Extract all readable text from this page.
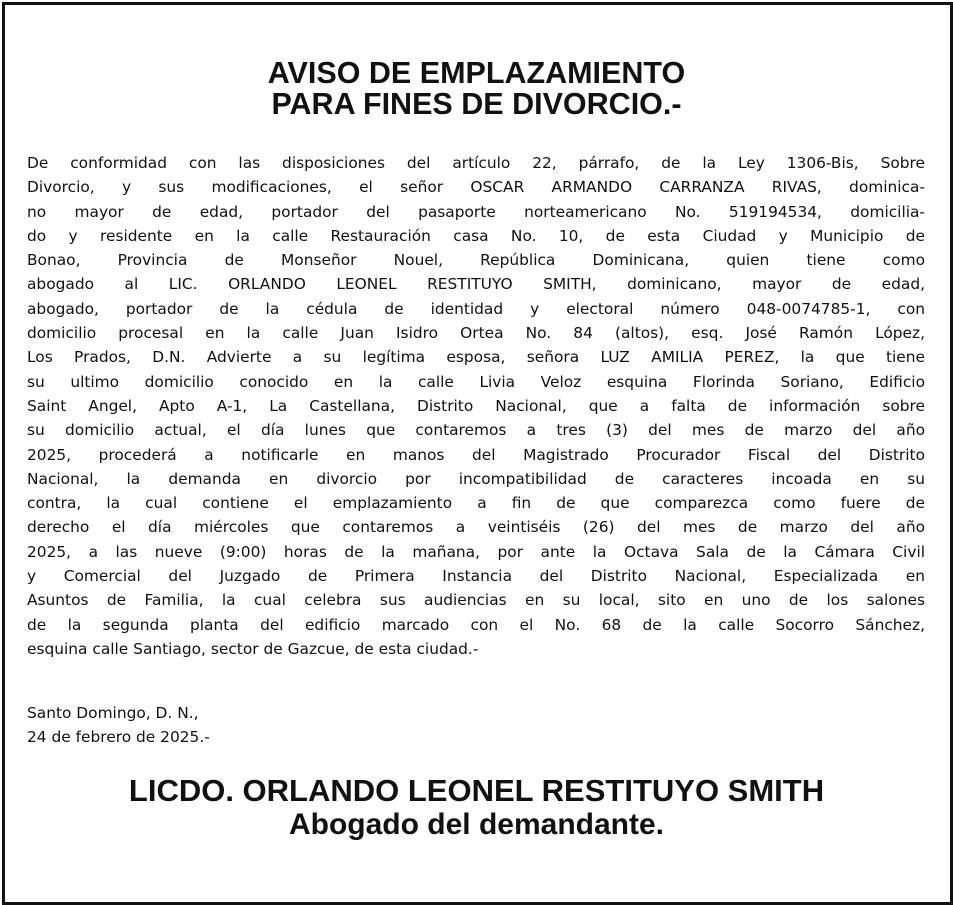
AVISO DE EMPLAZAMIENTO
PARA FINES DE DIVORCIO.-
De conformidad con las disposiciones del artículo 22, párrafo, de la Ley 1306-Bis, Sobre
Divorcio, y sus modificaciones, el señor OSCAR ARMANDO CARRANZA RIVAS, dominica-
no mayor de edad, portador del pasaporte norteamericano No. 519194534, domicilia-
do y residente en la calle Restauración casa No. 10, de esta Ciudad y Municipio de
Bonao, Provincia de Monseñor Nouel, República Dominicana, quien tiene como
abogado al LIC. ORLANDO LEONEL RESTITUYO SMITH, dominicano, mayor de edad,
abogado, portador de la cédula de identidad y electoral número 048-0074785-1, con
domicilio procesal en la calle Juan Isidro Ortea No. 84 (altos), esq. José Ramón López,
Los Prados, D.N. Advierte a su legítima esposa, señora LUZ AMILIA PEREZ, la que tiene
su ultimo domicilio conocido en la calle Livia Veloz esquina Florinda Soriano, Edificio
Saint Angel, Apto A-1, La Castellana, Distrito Nacional, que a falta de información sobre
su domicilio actual, el día lunes que contaremos a tres (3) del mes de marzo del año
2025, procederá a notificarle en manos del Magistrado Procurador Fiscal del Distrito
Nacional, la demanda en divorcio por incompatibilidad de caracteres incoada en su
contra, la cual contiene el emplazamiento a fin de que comparezca como fuere de
derecho el día miércoles que contaremos a veintiséis (26) del mes de marzo del año
2025, a las nueve (9:00) horas de la mañana, por ante la Octava Sala de la Cámara Civil
y Comercial del Juzgado de Primera Instancia del Distrito Nacional, Especializada en
Asuntos de Familia, la cual celebra sus audiencias en su local, sito en uno de los salones
de la segunda planta del edificio marcado con el No. 68 de la calle Socorro Sánchez,
esquina calle Santiago, sector de Gazcue, de esta ciudad.-
Santo Domingo, D. N.,
24 de febrero de 2025.-
LICDO. ORLANDO LEONEL RESTITUYO SMITH
Abogado del demandante.
